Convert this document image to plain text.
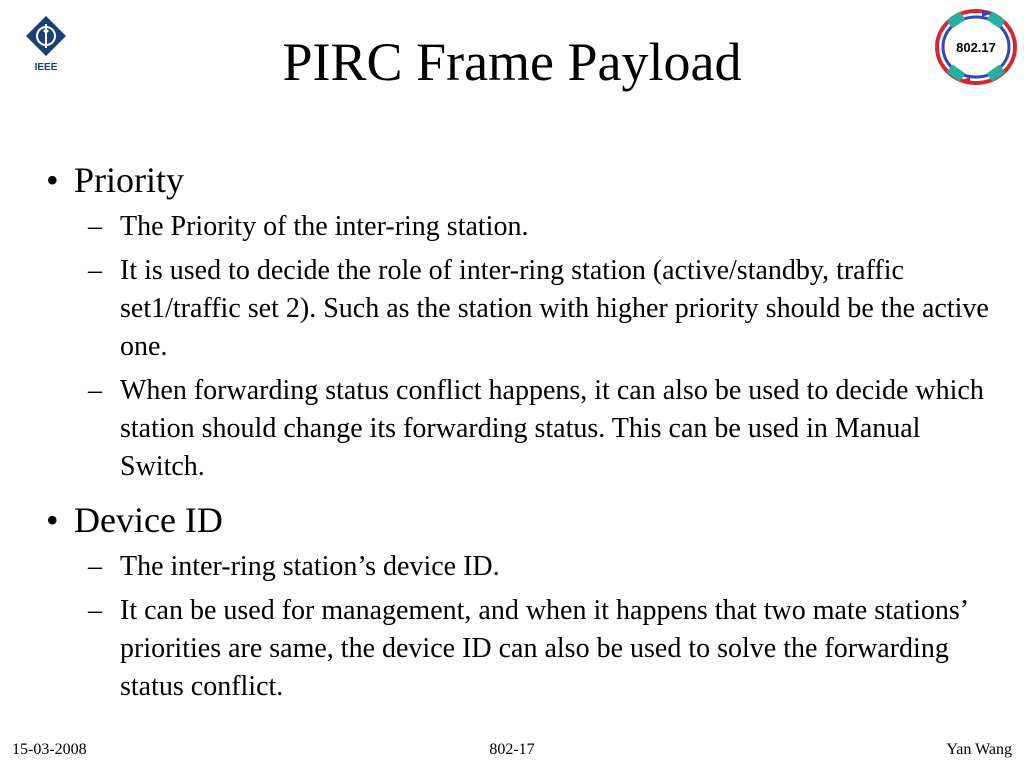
IEEE
802.17
PIRC Frame Payload
• Priority
– The Priority of the inter-ring station.
– It is used to decide the role of inter-ring station (active/standby, traffic set1/traffic set 2). Such as the station with higher priority should be the active one.
– When forwarding status conflict happens, it can also be used to decide which station should change its forwarding status. This can be used in Manual Switch.
• Device ID
– The inter-ring station’s device ID.
– It can be used for management, and when it happens that two mate stations’ priorities are same, the device ID can also be used to solve the forwarding status conflict.
15-03-2008	802-17	Yan Wang
